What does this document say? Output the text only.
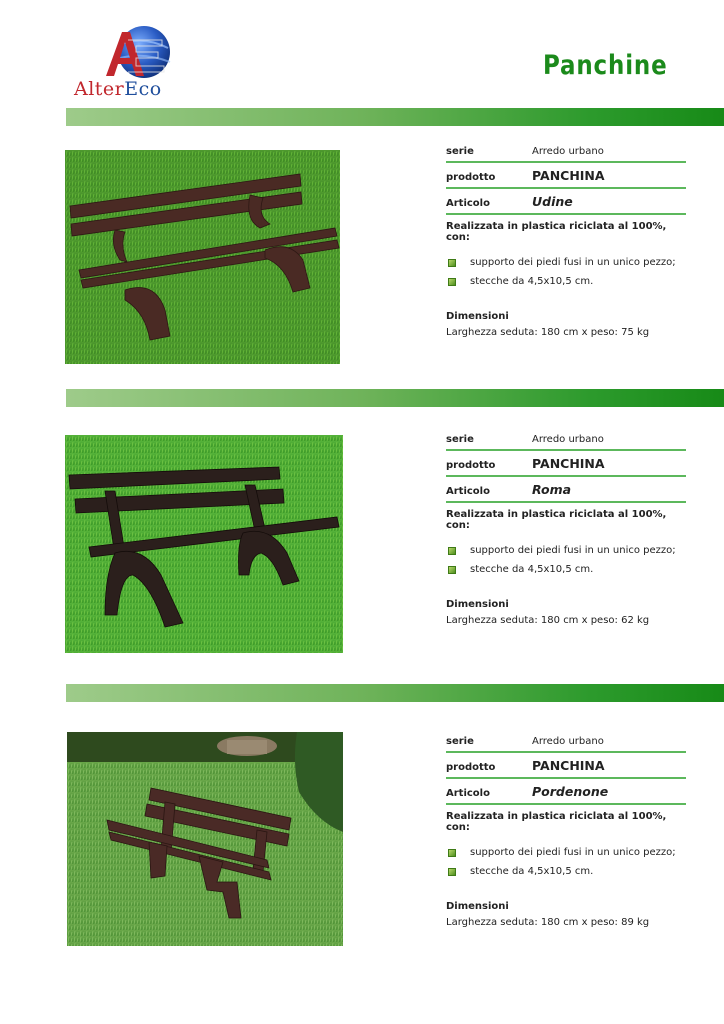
AlterEco
Panchine
serie	Arredo urbano
prodotto	PANCHINA
Articolo	Udine
Realizzata in plastica riciclata al 100%, con:
supporto dei piedi fusi in un unico pezzo;
stecche da 4,5x10,5 cm.
Dimensioni
Larghezza seduta: 180 cm x peso: 75 kg
serie	Arredo urbano
prodotto	PANCHINA
Articolo	Roma
Realizzata in plastica riciclata al 100%, con:
supporto dei piedi fusi in un unico pezzo;
stecche da 4,5x10,5 cm.
Dimensioni
Larghezza seduta: 180 cm x peso: 62 kg
serie	Arredo urbano
prodotto	PANCHINA
Articolo	Pordenone
Realizzata in plastica riciclata al 100%, con:
supporto dei piedi fusi in un unico pezzo;
stecche da 4,5x10,5 cm.
Dimensioni
Larghezza seduta: 180 cm x peso: 89 kg
